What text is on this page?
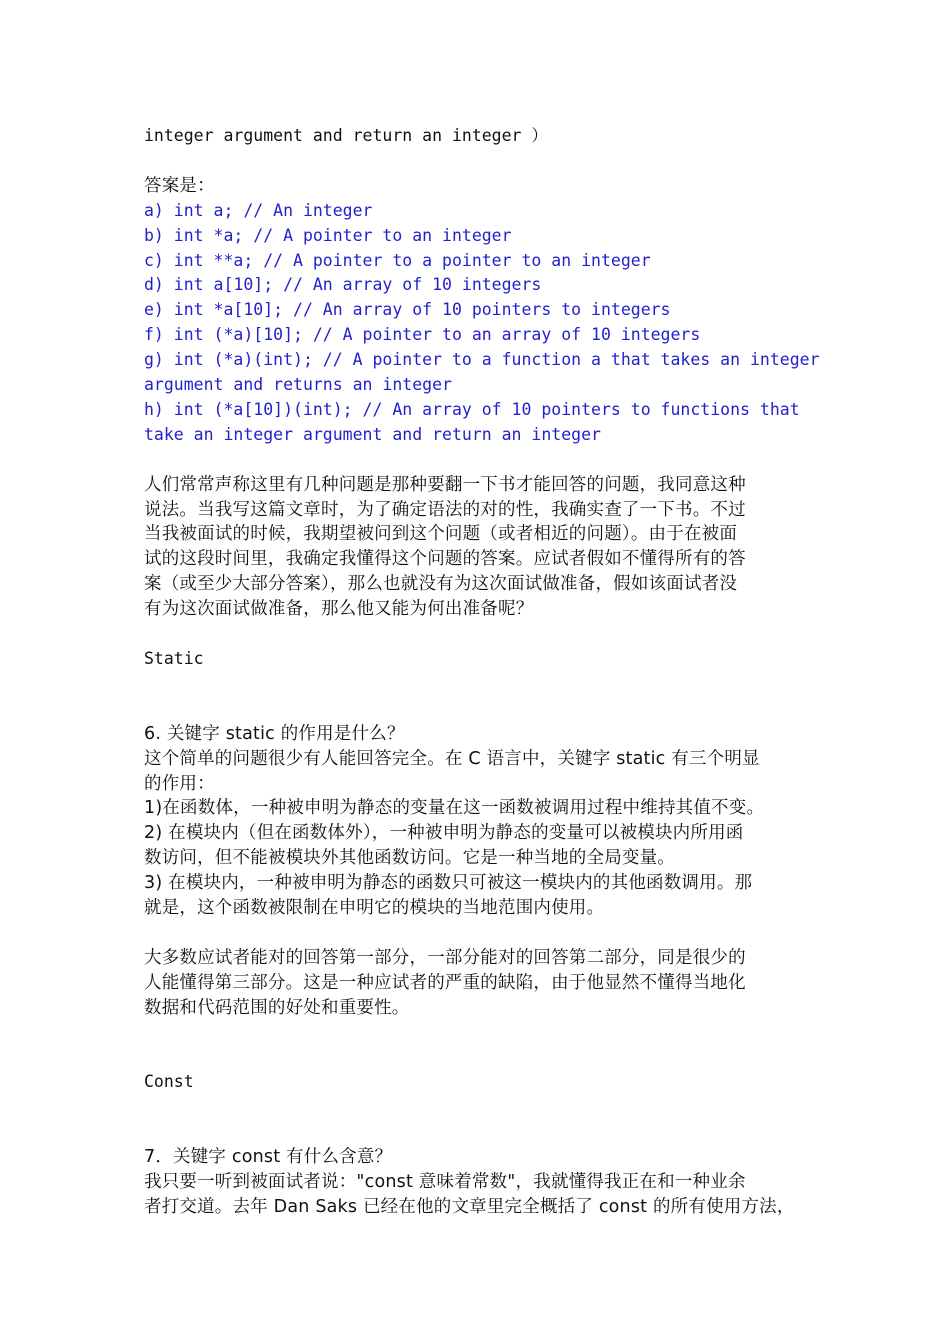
integer argument and return an integer ）
答案是：
a) int a; // An integer
b) int *a; // A pointer to an integer
c) int **a; // A pointer to a pointer to an integer
d) int a[10]; // An array of 10 integers
e) int *a[10]; // An array of 10 pointers to integers
f) int (*a)[10]; // A pointer to an array of 10 integers
g) int (*a)(int); // A pointer to a function a that takes an integer
argument and returns an integer
h) int (*a[10])(int); // An array of 10 pointers to functions that
take an integer argument and return an integer
人们常常声称这里有几种问题是那种要翻一下书才能回答的问题，我同意这种
说法。当我写这篇文章时，为了确定语法的对的性，我确实查了一下书。不过
当我被面试的时候，我期望被问到这个问题（或者相近的问题）。由于在被面
试的这段时间里，我确定我懂得这个问题的答案。应试者假如不懂得所有的答
案（或至少大部分答案），那么也就没有为这次面试做准备，假如该面试者没
有为这次面试做准备，那么他又能为何出准备呢？
Static
6. 关键字 static 的作用是什么？
这个简单的问题很少有人能回答完全。在 C 语言中，关键字 static 有三个明显
的作用：
1)在函数体，一种被申明为静态的变量在这一函数被调用过程中维持其值不变。
2) 在模块内（但在函数体外），一种被申明为静态的变量可以被模块内所用函
数访问，但不能被模块外其他函数访问。它是一种当地的全局变量。
3) 在模块内，一种被申明为静态的函数只可被这一模块内的其他函数调用。那
就是，这个函数被限制在申明它的模块的当地范围内使用。
大多数应试者能对的回答第一部分，一部分能对的回答第二部分，同是很少的
人能懂得第三部分。这是一种应试者的严重的缺陷，由于他显然不懂得当地化
数据和代码范围的好处和重要性。
Const
7．关键字 const 有什么含意？
我只要一听到被面试者说："const 意味着常数"，我就懂得我正在和一种业余
者打交道。去年 Dan Saks 已经在他的文章里完全概括了 const 的所有使用方法，
